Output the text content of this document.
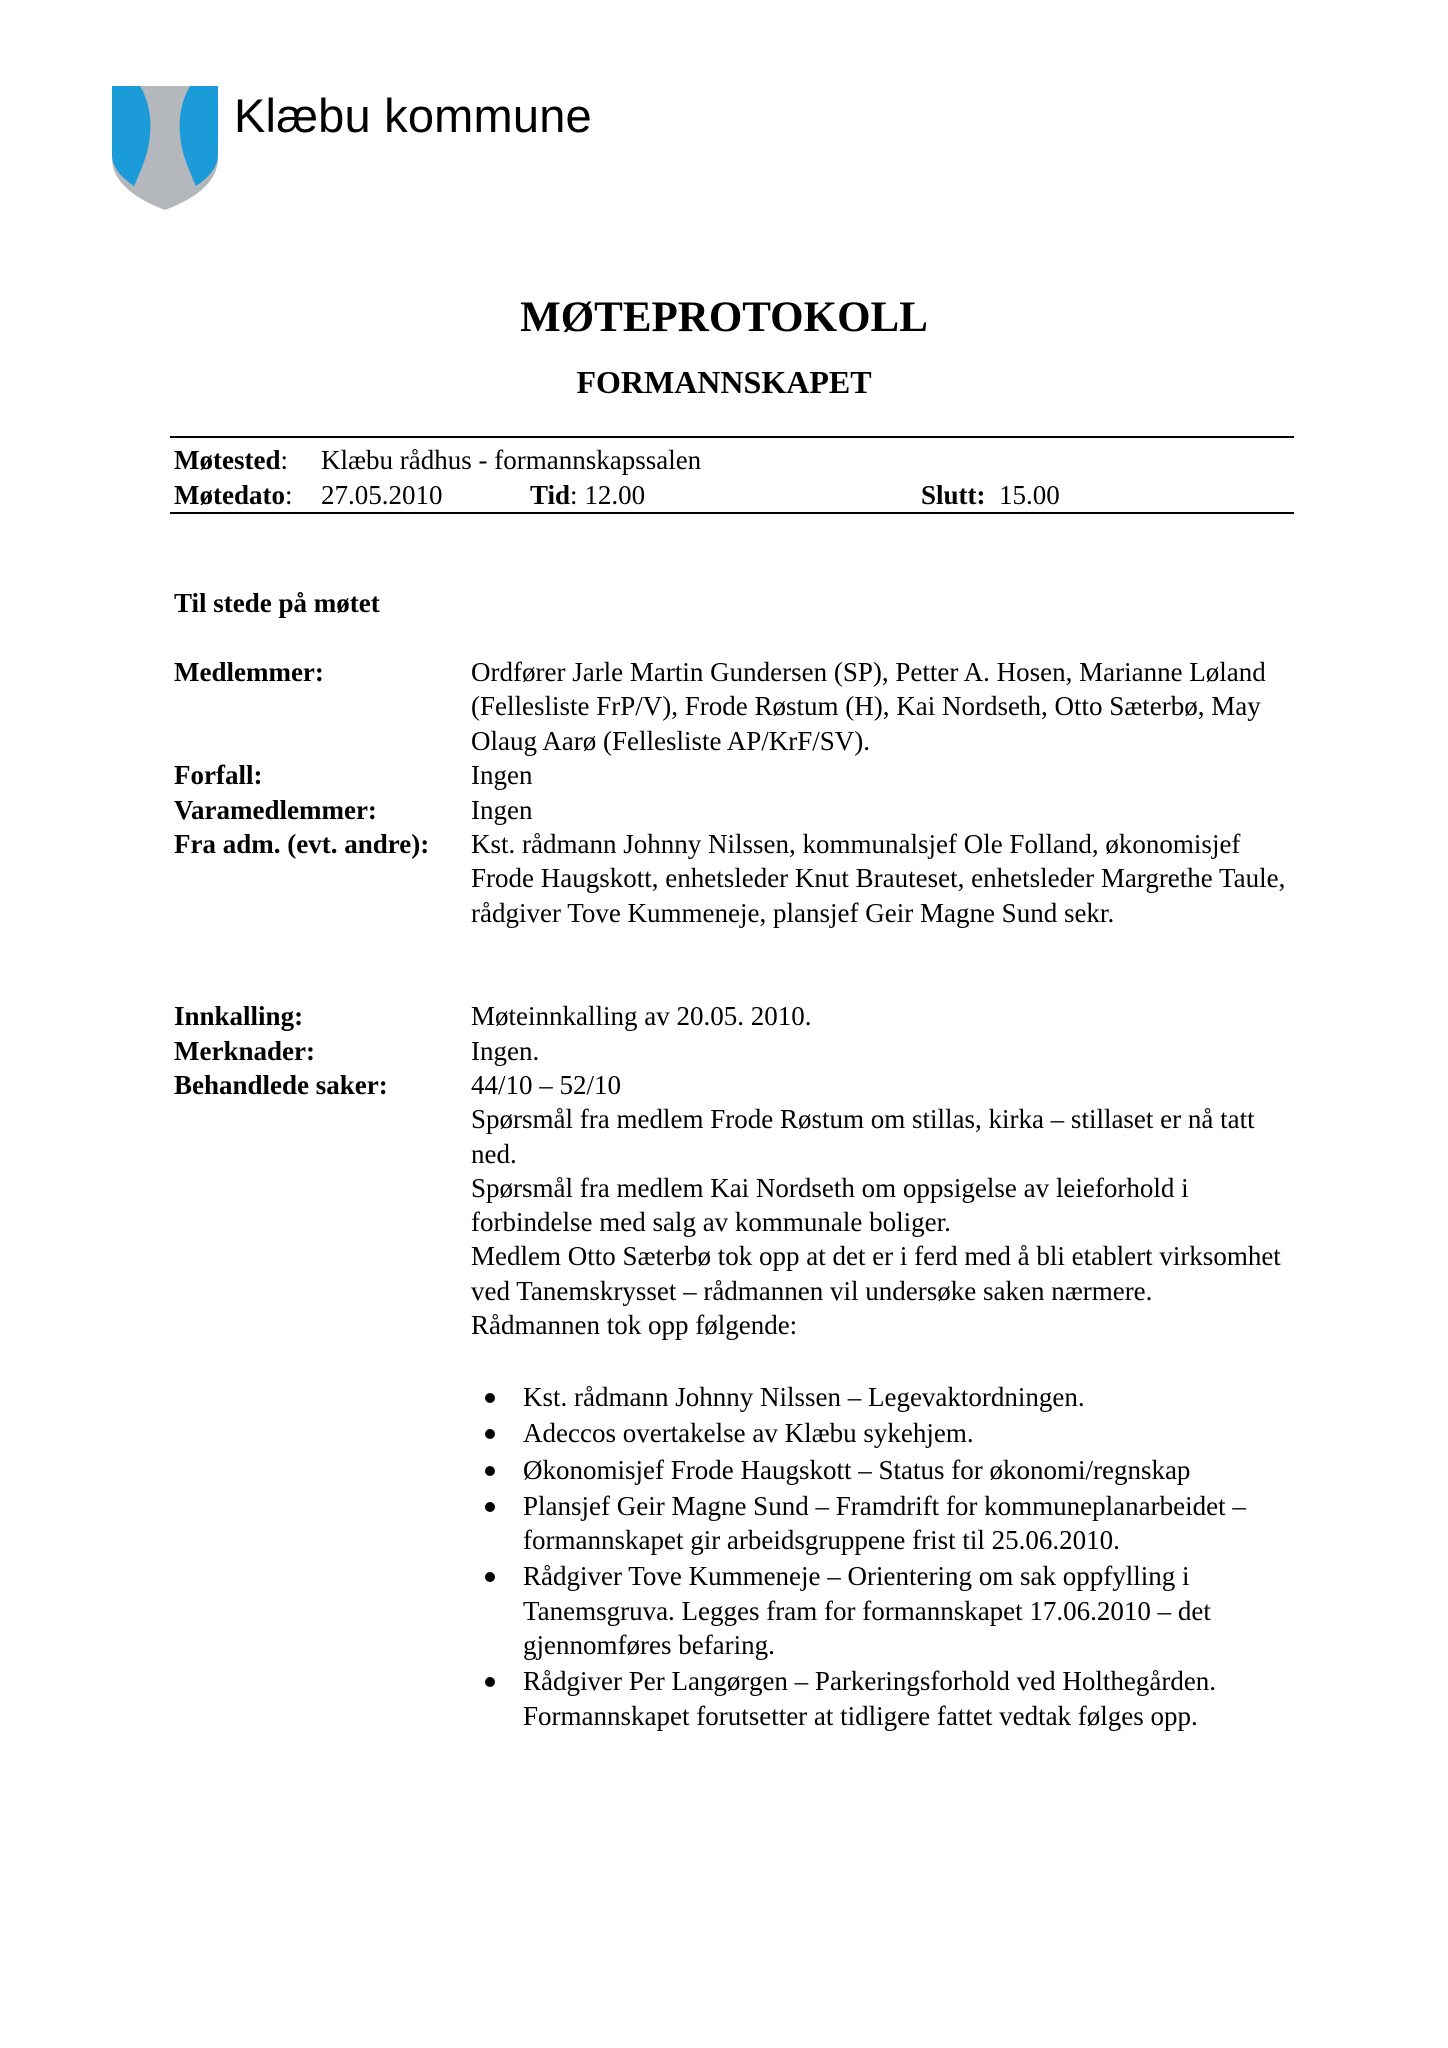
Klæbu kommune
MØTEPROTOKOLL
FORMANNSKAPET
Møtested: Klæbu rådhus - formannskapssalen
Møtedato: 27.05.2010	Tid: 12.00	Slutt: 15.00
Til stede på møtet
Medlemmer:	Ordfører Jarle Martin Gundersen (SP), Petter A. Hosen, Marianne Løland (Fellesliste FrP/V), Frode Røstum (H), Kai Nordseth, Otto Sæterbø, May Olaug Aarø (Fellesliste AP/KrF/SV).
Forfall:	Ingen
Varamedlemmer:	Ingen
Fra adm. (evt. andre): Kst. rådmann Johnny Nilssen, kommunalsjef Ole Folland, økonomisjef Frode Haugskott, enhetsleder Knut Brauteset, enhetsleder Margrethe Taule, rådgiver Tove Kummeneje, plansjef Geir Magne Sund sekr.
Innkalling:	Møteinnkalling av 20.05. 2010.
Merknader:	Ingen.
Behandlede saker:	44/10 – 52/10
Spørsmål fra medlem Frode Røstum om stillas, kirka – stillaset er nå tatt ned.
Spørsmål fra medlem Kai Nordseth om oppsigelse av leieforhold i forbindelse med salg av kommunale boliger.
Medlem Otto Sæterbø tok opp at det er i ferd med å bli etablert virksomhet ved Tanemskrysset – rådmannen vil undersøke saken nærmere.
Rådmannen tok opp følgende:
Kst. rådmann Johnny Nilssen – Legevaktordningen.
Adeccos overtakelse av Klæbu sykehjem.
Økonomisjef Frode Haugskott – Status for økonomi/regnskap
Plansjef Geir Magne Sund – Framdrift for kommuneplanarbeidet – formannskapet gir arbeidsgruppene frist til 25.06.2010.
Rådgiver Tove Kummeneje – Orientering om sak oppfylling i Tanemsgruva. Legges fram for formannskapet 17.06.2010 – det gjennomføres befaring.
Rådgiver Per Langørgen – Parkeringsforhold ved Holthegården. Formannskapet forutsetter at tidligere fattet vedtak følges opp.
